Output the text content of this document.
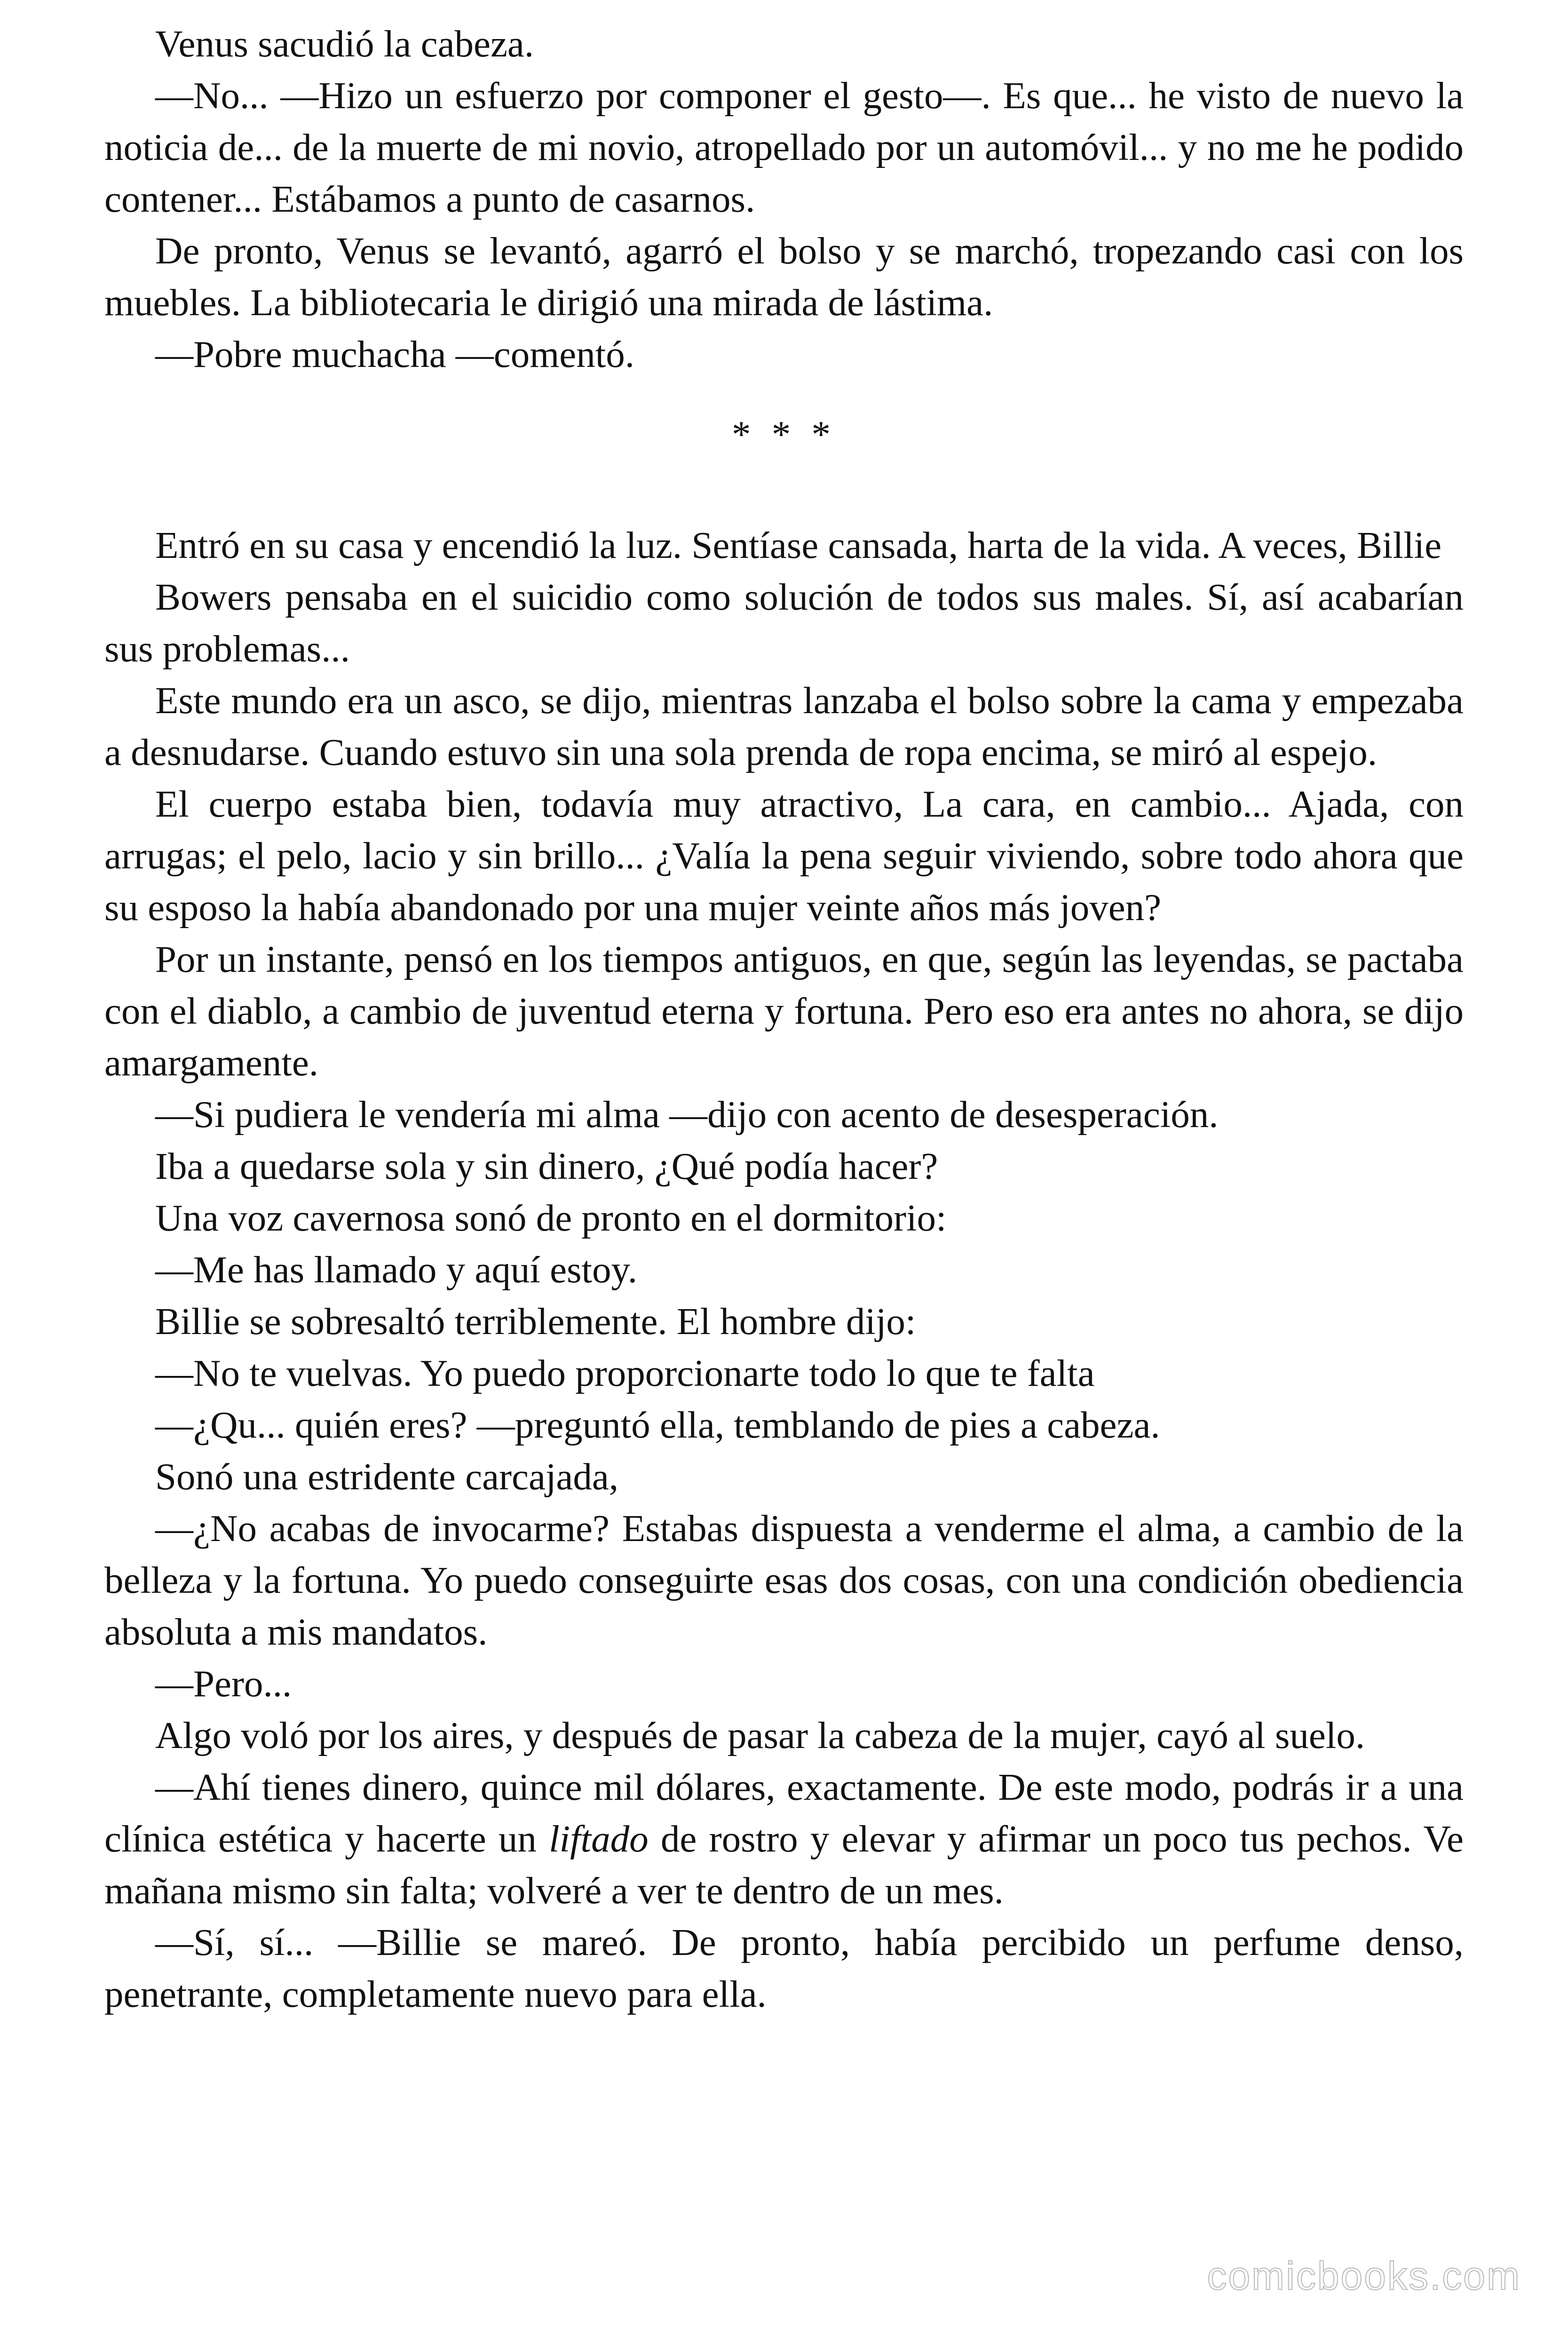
Venus sacudió la cabeza.

—No... —Hizo un esfuerzo por componer el gesto—. Es que... he visto de nuevo la noticia de... de la muerte de mi novio, atropellado por un automóvil... y no me he podido contener... Estábamos a punto de casarnos.

De pronto, Venus se levantó, agarró el bolso y se marchó, tropezando casi con los muebles. La bibliotecaria le dirigió una mirada de lástima.

—Pobre muchacha —comentó.

* * *

Entró en su casa y encendió la luz. Sentíase cansada, harta de la vida. A veces, Billie

Bowers pensaba en el suicidio como solución de todos sus males. Sí, así acabarían sus problemas...

Este mundo era un asco, se dijo, mientras lanzaba el bolso sobre la cama y empezaba a desnudarse. Cuando estuvo sin una sola prenda de ropa encima, se miró al espejo.

El cuerpo estaba bien, todavía muy atractivo, La cara, en cambio... Ajada, con arrugas; el pelo, lacio y sin brillo... ¿Valía la pena seguir viviendo, sobre todo ahora que su esposo la había abandonado por una mujer veinte años más joven?

Por un instante, pensó en los tiempos antiguos, en que, según las leyendas, se pactaba con el diablo, a cambio de juventud eterna y fortuna. Pero eso era antes no ahora, se dijo amargamente.

—Si pudiera le vendería mi alma —dijo con acento de desesperación.

Iba a quedarse sola y sin dinero, ¿Qué podía hacer?

Una voz cavernosa sonó de pronto en el dormitorio:

—Me has llamado y aquí estoy.

Billie se sobresaltó terriblemente. El hombre dijo:

—No te vuelvas. Yo puedo proporcionarte todo lo que te falta

—¿Qu... quién eres? —preguntó ella, temblando de pies a cabeza.

Sonó una estridente carcajada,

—¿No acabas de invocarme? Estabas dispuesta a venderme el alma, a cambio de la belleza y la fortuna. Yo puedo conseguirte esas dos cosas, con una condición obediencia absoluta a mis mandatos.

—Pero...

Algo voló por los aires, y después de pasar la cabeza de la mujer, cayó al suelo.

—Ahí tienes dinero, quince mil dólares, exactamente. De este modo, podrás ir a una clínica estética y hacerte un liftado de rostro y elevar y afirmar un poco tus pechos. Ve mañana mismo sin falta; volveré a ver te dentro de un mes.

—Sí, sí... —Billie se mareó. De pronto, había percibido un perfume denso, penetrante, completamente nuevo para ella.

comicbooks.com
